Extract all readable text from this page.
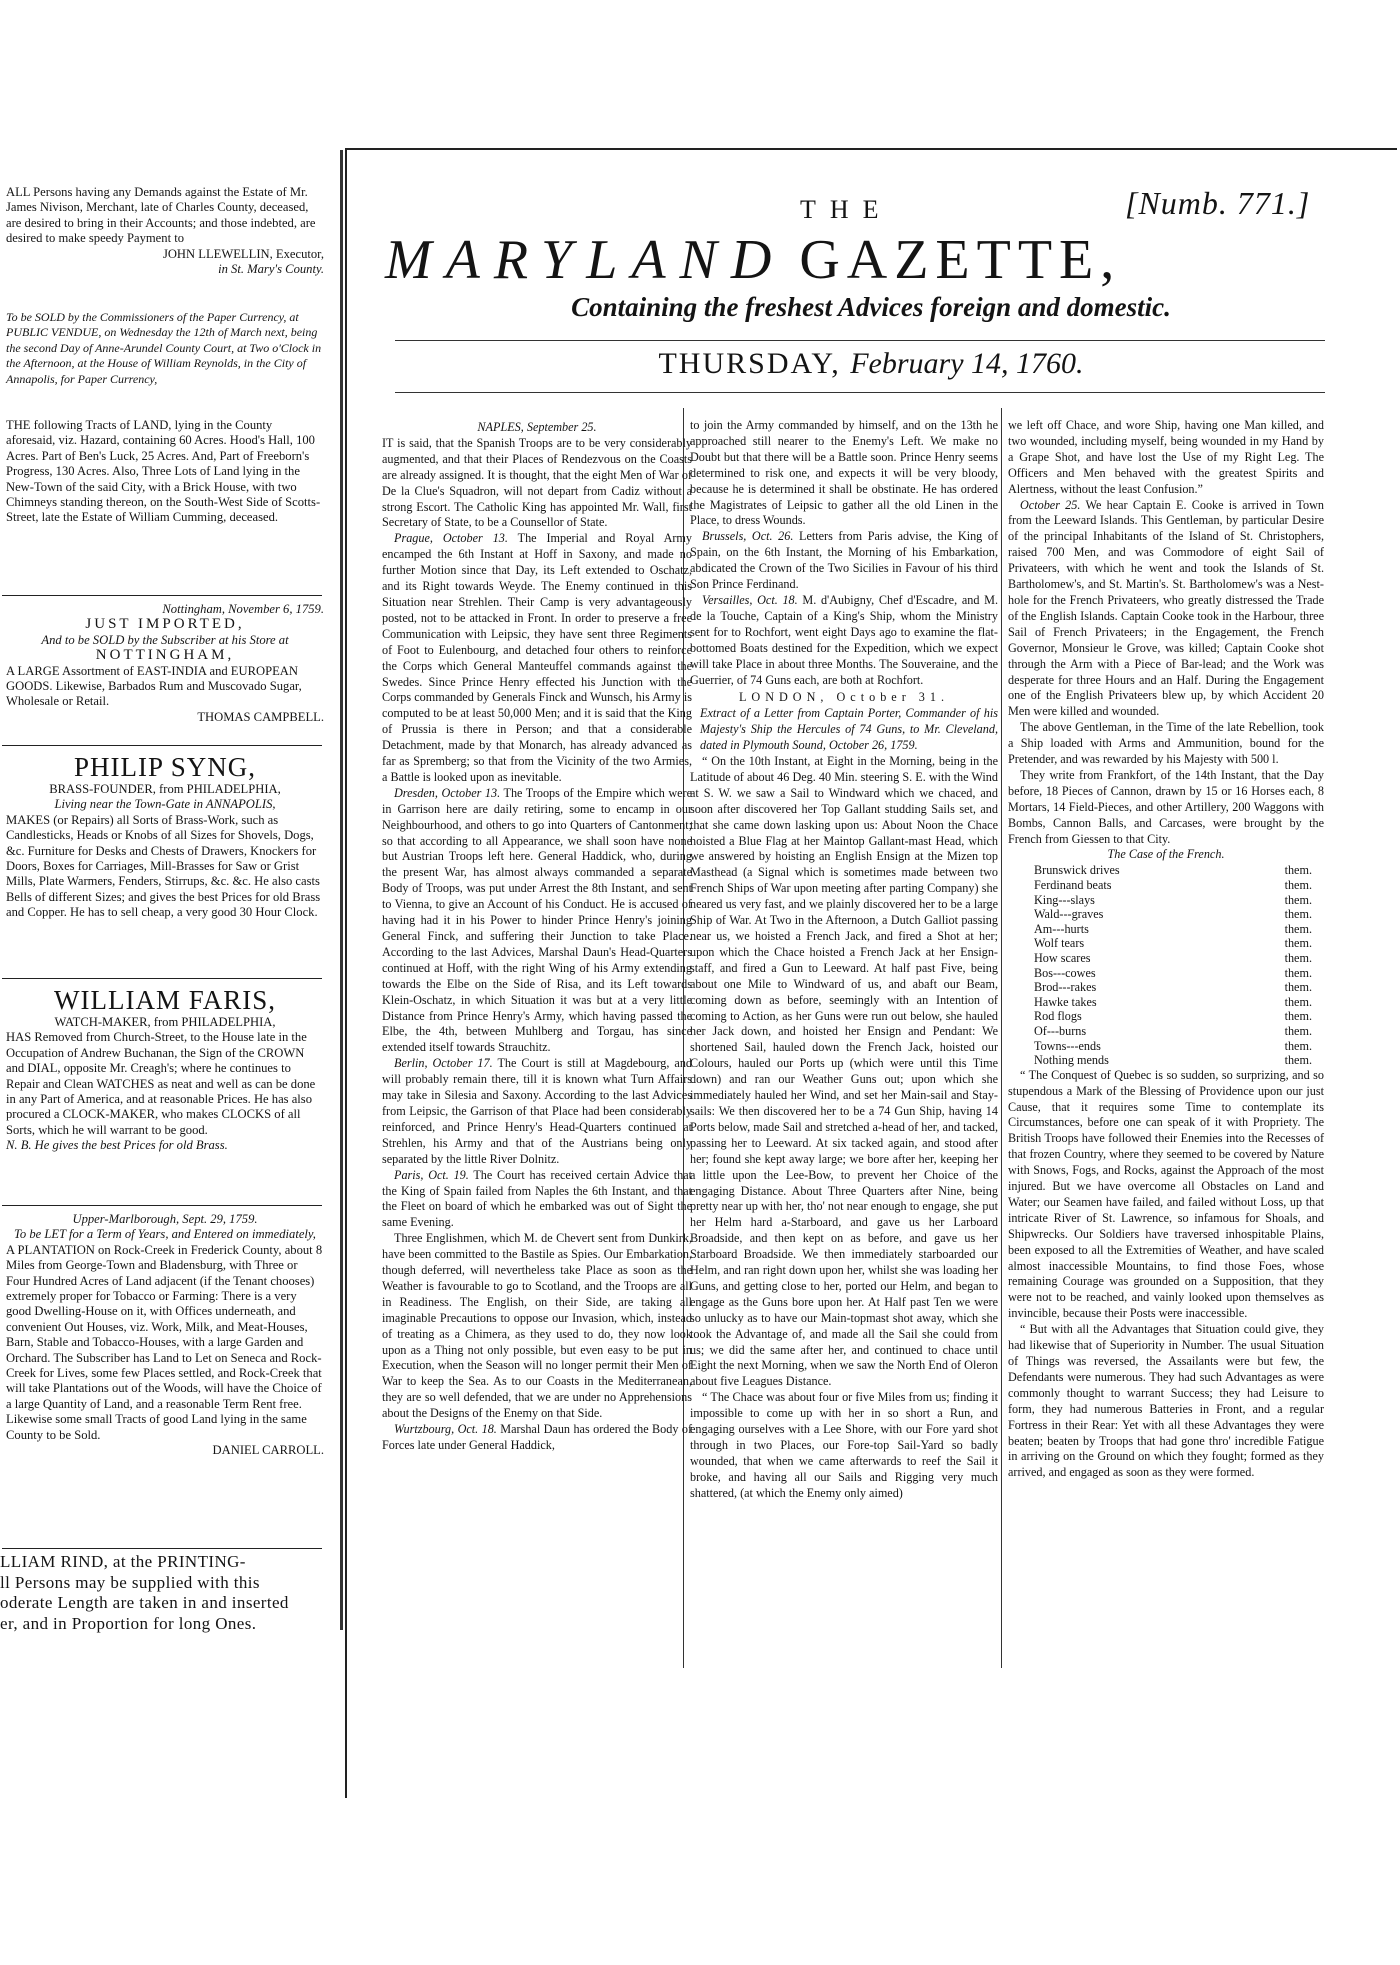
ALL Persons having any Demands against the Estate of Mr. James Nivison, Merchant, late of Charles County, deceased, are desired to bring in their Accounts; and those indebted, are desired to make speedy Payment to
JOHN LLEWELLIN, Executor,
in St. Mary's County.
To be SOLD by the Commissioners of the Paper Currency, at PUBLIC VENDUE, on Wednesday the 12th of March next, being the second Day of Anne-Arundel County Court, at Two o'Clock in the Afternoon, at the House of William Reynolds, in the City of Annapolis, for Paper Currency,
THE following Tracts of LAND, lying in the County aforesaid, viz. Hazard, containing 60 Acres. Hood's Hall, 100 Acres. Part of Ben's Luck, 25 Acres. And, Part of Freeborn's Progress, 130 Acres. Also, Three Lots of Land lying in the New-Town of the said City, with a Brick House, with two Chimneys standing thereon, on the South-West Side of Scotts-Street, late the Estate of William Cumming, deceased.
Nottingham, November 6, 1759.
JUST IMPORTED,
And to be SOLD by the Subscriber at his Store at
NOTTINGHAM,
A LARGE Assortment of EAST-INDIA and EUROPEAN GOODS. Likewise, Barbados Rum and Muscovado Sugar, Wholesale or Retail.
THOMAS CAMPBELL.
PHILIP SYNG,
BRASS-FOUNDER, from PHILADELPHIA,
Living near the Town-Gate in ANNAPOLIS,
MAKES (or Repairs) all Sorts of Brass-Work, such as Candlesticks, Heads or Knobs of all Sizes for Shovels, Dogs, &c. Furniture for Desks and Chests of Drawers, Knockers for Doors, Boxes for Carriages, Mill-Brasses for Saw or Grist Mills, Plate Warmers, Fenders, Stirrups, &c. &c. He also casts Bells of different Sizes; and gives the best Prices for old Brass and Copper. He has to sell cheap, a very good 30 Hour Clock.
WILLIAM FARIS,
WATCH-MAKER, from PHILADELPHIA,
HAS Removed from Church-Street, to the House late in the Occupation of Andrew Buchanan, the Sign of the CROWN and DIAL, opposite Mr. Creagh's; where he continues to Repair and Clean WATCHES as neat and well as can be done in any Part of America, and at reasonable Prices. He has also procured a CLOCK-MAKER, who makes CLOCKS of all Sorts, which he will warrant to be good.
N. B. He gives the best Prices for old Brass.
Upper-Marlborough, Sept. 29, 1759.
To be LET for a Term of Years, and Entered on immediately,
A PLANTATION on Rock-Creek in Frederick County, about 8 Miles from George-Town and Bladensburg, with Three or Four Hundred Acres of Land adjacent (if the Tenant chooses) extremely proper for Tobacco or Farming: There is a very good Dwelling-House on it, with Offices underneath, and convenient Out Houses, viz. Work, Milk, and Meat-Houses, Barn, Stable and Tobacco-Houses, with a large Garden and Orchard. The Subscriber has Land to Let on Seneca and Rock-Creek for Lives, some few Places settled, and Rock-Creek that will take Plantations out of the Woods, will have the Choice of a large Quantity of Land, and a reasonable Term Rent free. Likewise some small Tracts of good Land lying in the same County to be Sold.
DANIEL CARROLL.
LLIAM RIND, at the PRINTING-
ll Persons may be supplied with this
oderate Length are taken in and inserted
er, and in Proportion for long Ones.
THE	[Numb. 771.]
MARYLAND GAZETTE,
Containing the freshest Advices foreign and domestic.
THURSDAY, February 14, 1760.
NAPLES, September 25.

IT is said, that the Spanish Troops are to be very considerably augmented, and that their Places of Rendezvous on the Coasts are already assigned. It is thought, that the eight Men of War of De la Clue's Squadron, will not depart from Cadiz without a strong Escort. The Catholic King has appointed Mr. Wall, first Secretary of State, to be a Counsellor of State.

Prague, October 13. The Imperial and Royal Army encamped the 6th Instant at Hoff in Saxony, and made no further Motion since that Day, its Left extended to Oschatz, and its Right towards Weyde. The Enemy continued in this Situation near Strehlen. Their Camp is very advantageously posted, not to be attacked in Front. In order to preserve a free Communication with Leipsic, they have sent three Regiments of Foot to Eulenbourg, and detached four others to reinforce the Corps which General Manteuffel commands against the Swedes. Since Prince Henry effected his Junction with the Corps commanded by Generals Finck and Wunsch, his Army is computed to be at least 50,000 Men; and it is said that the King of Prussia is there in Person; and that a considerable Detachment, made by that Monarch, has already advanced as far as Spremberg; so that from the Vicinity of the two Armies, a Battle is looked upon as inevitable.

Dresden, October 13. The Troops of the Empire which were in Garrison here are daily retiring, some to encamp in our Neighbourhood, and others to go into Quarters of Cantonment; so that according to all Appearance, we shall soon have none but Austrian Troops left here. General Haddick, who, during the present War, has almost always commanded a separate Body of Troops, was put under Arrest the 8th Instant, and sent to Vienna, to give an Account of his Conduct. He is accused of having had it in his Power to hinder Prince Henry's joining General Finck, and suffering their Junction to take Place. According to the last Advices, Marshal Daun's Head-Quarters continued at Hoff, with the right Wing of his Army extending towards the Elbe on the Side of Risa, and its Left towards Klein-Oschatz, in which Situation it was but at a very little Distance from Prince Henry's Army, which having passed the Elbe, the 4th, between Muhlberg and Torgau, has since extended itself towards Strauchitz.

Berlin, October 17. The Court is still at Magdebourg, and will probably remain there, till it is known what Turn Affairs may take in Silesia and Saxony. According to the last Advices from Leipsic, the Garrison of that Place had been considerably reinforced, and Prince Henry's Head-Quarters continued at Strehlen, his Army and that of the Austrians being only separated by the little River Dolnitz.

Paris, Oct. 19. The Court has received certain Advice that the King of Spain failed from Naples the 6th Instant, and that the Fleet on board of which he embarked was out of Sight the same Evening.

Three Englishmen, which M. de Chevert sent from Dunkirk, have been committed to the Bastile as Spies. Our Embarkation, though deferred, will nevertheless take Place as soon as the Weather is favourable to go to Scotland, and the Troops are all in Readiness. The English, on their Side, are taking all imaginable Precautions to oppose our Invasion, which, instead of treating as a Chimera, as they used to do, they now look upon as a Thing not only possible, but even easy to be put in Execution, when the Season will no longer permit their Men of War to keep the Sea. As to our Coasts in the Mediterranean, they are so well defended, that we are under no Apprehensions about the Designs of the Enemy on that Side.

Wurtzbourg, Oct. 18. Marshal Daun has ordered the Body of Forces late under General Haddick,

to join the Army commanded by himself, and on the 13th he approached still nearer to the Enemy's Left. We make no Doubt but that there will be a Battle soon. Prince Henry seems determined to risk one, and expects it will be very bloody, because he is determined it shall be obstinate. He has ordered the Magistrates of Leipsic to gather all the old Linen in the Place, to dress Wounds.

Brussels, Oct. 26. Letters from Paris advise, the King of Spain, on the 6th Instant, the Morning of his Embarkation, abdicated the Crown of the Two Sicilies in Favour of his third Son Prince Ferdinand.

Versailles, Oct. 18. M. d'Aubigny, Chef d'Escadre, and M. de la Touche, Captain of a King's Ship, whom the Ministry sent for to Rochfort, went eight Days ago to examine the flat-bottomed Boats destined for the Expedition, which we expect will take Place in about three Months. The Souveraine, and the Guerrier, of 74 Guns each, are both at Rochfort.

LONDON, October 31.

Extract of a Letter from Captain Porter, Commander of his Majesty's Ship the Hercules of 74 Guns, to Mr. Cleveland, dated in Plymouth Sound, October 26, 1759.

“ On the 10th Instant, at Eight in the Morning, being in the Latitude of about 46 Deg. 40 Min. steering S. E. with the Wind at S. W. we saw a Sail to Windward which we chaced, and soon after discovered her Top Gallant studding Sails set, and that she came down lasking upon us: About Noon the Chace hoisted a Blue Flag at her Maintop Gallant-mast Head, which we answered by hoisting an English Ensign at the Mizen top Masthead (a Signal which is sometimes made between two French Ships of War upon meeting after parting Company) she neared us very fast, and we plainly discovered her to be a large Ship of War. At Two in the Afternoon, a Dutch Galliot passing near us, we hoisted a French Jack, and fired a Shot at her; upon which the Chace hoisted a French Jack at her Ensign-staff, and fired a Gun to Leeward. At half past Five, being about one Mile to Windward of us, and abaft our Beam, coming down as before, seemingly with an Intention of coming to Action, as her Guns were run out below, she hauled her Jack down, and hoisted her Ensign and Pendant: We shortened Sail, hauled down the French Jack, hoisted our Colours, hauled our Ports up (which were until this Time down) and ran our Weather Guns out; upon which she immediately hauled her Wind, and set her Main-sail and Stay-sails: We then discovered her to be a 74 Gun Ship, having 14 Ports below, made Sail and stretched a-head of her, and tacked, passing her to Leeward. At six tacked again, and stood after her; found she kept away large; we bore after her, keeping her a little upon the Lee-Bow, to prevent her Choice of the engaging Distance. About Three Quarters after Nine, being pretty near up with her, tho' not near enough to engage, she put her Helm hard a-Starboard, and gave us her Larboard Broadside, and then kept on as before, and gave us her Starboard Broadside. We then immediately starboarded our Helm, and ran right down upon her, whilst she was loading her Guns, and getting close to her, ported our Helm, and began to engage as the Guns bore upon her. At Half past Ten we were so unlucky as to have our Main-topmast shot away, which she took the Advantage of, and made all the Sail she could from us; we did the same after her, and continued to chace until Eight the next Morning, when we saw the North End of Oleron about five Leagues Distance.

“ The Chace was about four or five Miles from us; finding it impossible to come up with her in so short a Run, and engaging ourselves with a Lee Shore, with our Fore yard shot through in two Places, our Fore-top Sail-Yard so badly wounded, that when we came afterwards to reef the Sail it broke, and having all our Sails and Rigging very much shattered, (at which the Enemy only aimed)

we left off Chace, and wore Ship, having one Man killed, and two wounded, including myself, being wounded in my Hand by a Grape Shot, and have lost the Use of my Right Leg. The Officers and Men behaved with the greatest Spirits and Alertness, without the least Confusion.”

October 25. We hear Captain E. Cooke is arrived in Town from the Leeward Islands. This Gentleman, by particular Desire of the principal Inhabitants of the Island of St. Christophers, raised 700 Men, and was Commodore of eight Sail of Privateers, with which he went and took the Islands of St. Bartholomew's, and St. Martin's. St. Bartholomew's was a Nest-hole for the French Privateers, who greatly distressed the Trade of the English Islands. Captain Cooke took in the Harbour, three Sail of French Privateers; in the Engagement, the French Governor, Monsieur le Grove, was killed; Captain Cooke shot through the Arm with a Piece of Bar-lead; and the Work was desperate for three Hours and an Half. During the Engagement one of the English Privateers blew up, by which Accident 20 Men were killed and wounded.

The above Gentleman, in the Time of the late Rebellion, took a Ship loaded with Arms and Ammunition, bound for the Pretender, and was rewarded by his Majesty with 500 l.

They write from Frankfort, of the 14th Instant, that the Day before, 18 Pieces of Cannon, drawn by 15 or 16 Horses each, 8 Mortars, 14 Field-Pieces, and other Artillery, 200 Waggons with Bombs, Cannon Balls, and Carcases, were brought by the French from Giessen to that City.

The Case of the French.
Brunswick drives	them.
Ferdinand beats	them.
King---slays	them.
Wald---graves	them.
Am---hurts	them.
Wolf tears	them.
How scares	them.
Bos---cowes	them.
Brod---rakes	them.
Hawke takes	them.
Rod flogs	them.
Of---burns	them.
Towns---ends	them.
Nothing mends	them.

“ The Conquest of Quebec is so sudden, so surprizing, and so stupendous a Mark of the Blessing of Providence upon our just Cause, that it requires some Time to contemplate its Circumstances, before one can speak of it with Propriety. The British Troops have followed their Enemies into the Recesses of that frozen Country, where they seemed to be covered by Nature with Snows, Fogs, and Rocks, against the Approach of the most injured. But we have overcome all Obstacles on Land and Water; our Seamen have failed, and failed without Loss, up that intricate River of St. Lawrence, so infamous for Shoals, and Shipwrecks. Our Soldiers have traversed inhospitable Plains, been exposed to all the Extremities of Weather, and have scaled almost inaccessible Mountains, to find those Foes, whose remaining Courage was grounded on a Supposition, that they were not to be reached, and vainly looked upon themselves as invincible, because their Posts were inaccessible.

“ But with all the Advantages that Situation could give, they had likewise that of Superiority in Number. The usual Situation of Things was reversed, the Assailants were but few, the Defendants were numerous. They had such Advantages as were commonly thought to warrant Success; they had Leisure to form, they had numerous Batteries in Front, and a regular Fortress in their Rear: Yet with all these Advantages they were beaten; beaten by Troops that had gone thro' incredible Fatigue in arriving on the Ground on which they fought; formed as they arrived, and engaged as soon as they were formed.
